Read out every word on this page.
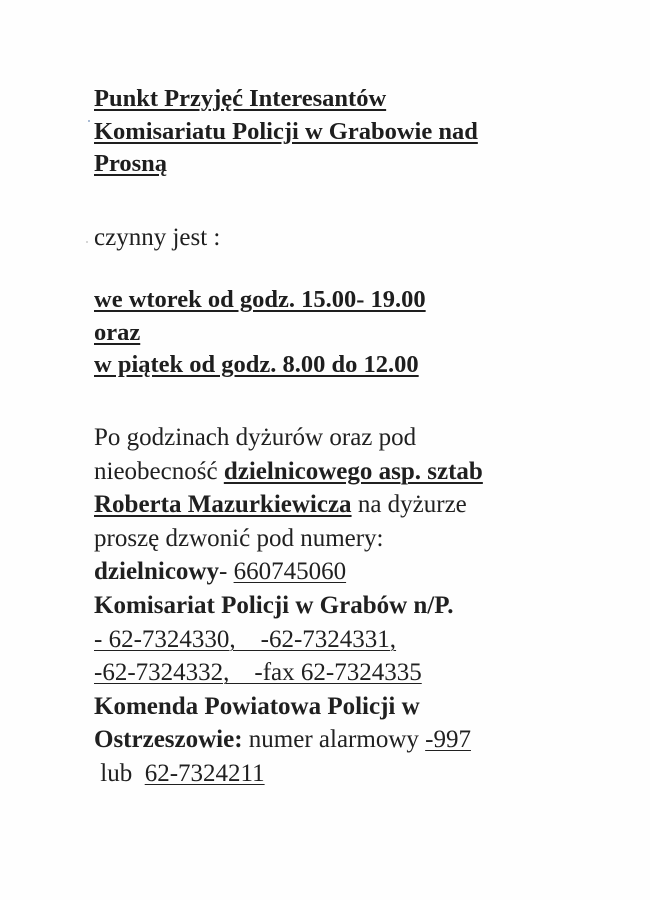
Punkt Przyjęć Interesantów
Komisariatu Policji w Grabowie nad
Prosną

czynny jest :

we wtorek od godz. 15.00- 19.00
oraz
w piątek od godz. 8.00 do 12.00
Po godzinach dyżurów oraz pod
nieobecność dzielnicowego asp. sztab
Roberta Mazurkiewicza na dyżurze
proszę dzwonić pod numery:
dzielnicowy- 660745060
Komisariat Policji w Grabów n/P.
- 62-7324330,    -62-7324331,
-62-7324332,    -fax 62-7324335
Komenda Powiatowa Policji w
Ostrzeszowie: numer alarmowy -997
lub  62-7324211
